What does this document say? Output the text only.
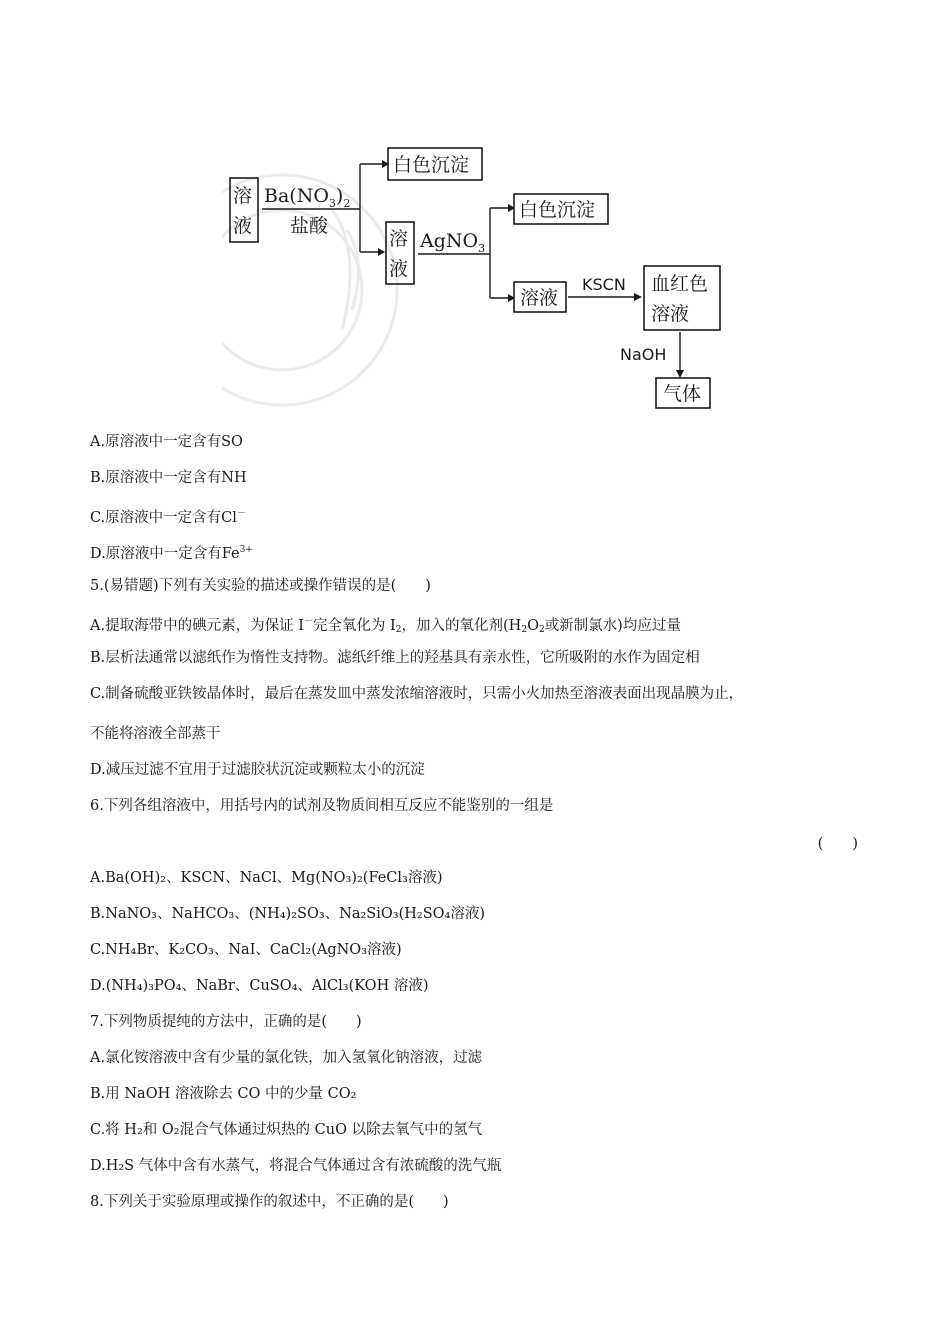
溶
液
$Ba(NO_3)_2$
盐酸
白色沉淀
溶
液
AgNO$_3$
白色沉淀
溶液
KSCN 血红色
溶液
NaOH
气体
A.原溶液中一定含有SO
B.原溶液中一定含有NH
C.原溶液中一定含有Cl－
D.原溶液中一定含有$Fe^{3+}$
5.(易错题)下列有关实验的描述或操作错误的是(　　)
A.提取海带中的碘元素，为保证 I－完全氧化为 $I_2$，加入的氧化剂($H_2O_2$或新制氯水)均应过量
B.层析法通常以滤纸作为惰性支持物。滤纸纤维上的羟基具有亲水性，它所吸附的水作为固定相
C.制备硫酸亚铁铵晶体时，最后在蒸发皿中蒸发浓缩溶液时，只需小火加热至溶液表面出现晶膜为止，
不能将溶液全部蒸干
D.减压过滤不宜用于过滤胶状沉淀或颗粒太小的沉淀
6.下列各组溶液中，用括号内的试剂及物质间相互反应不能鉴别的一组是
(　　)
A.Ba(OH)₂、KSCN、NaCl、Mg(NO₃)₂(FeCl₃溶液)
B.NaNO₃、NaHCO₃、(NH₄)₂SO₃、Na₂SiO₃(H₂SO₄溶液)
C.NH₄Br、K₂CO₃、NaI、CaCl₂(AgNO₃溶液)
D.(NH₄)₃PO₄、NaBr、CuSO₄、AlCl₃(KOH 溶液)
7.下列物质提纯的方法中，正确的是(　　)
A.氯化铵溶液中含有少量的氯化铁，加入氢氧化钠溶液，过滤
B.用 NaOH 溶液除去 CO 中的少量 CO₂
C.将 H₂和 O₂混合气体通过炽热的 CuO 以除去氧气中的氢气
D.H₂S 气体中含有水蒸气，将混合气体通过含有浓硫酸的洗气瓶
8.下列关于实验原理或操作的叙述中，不正确的是(　　)
